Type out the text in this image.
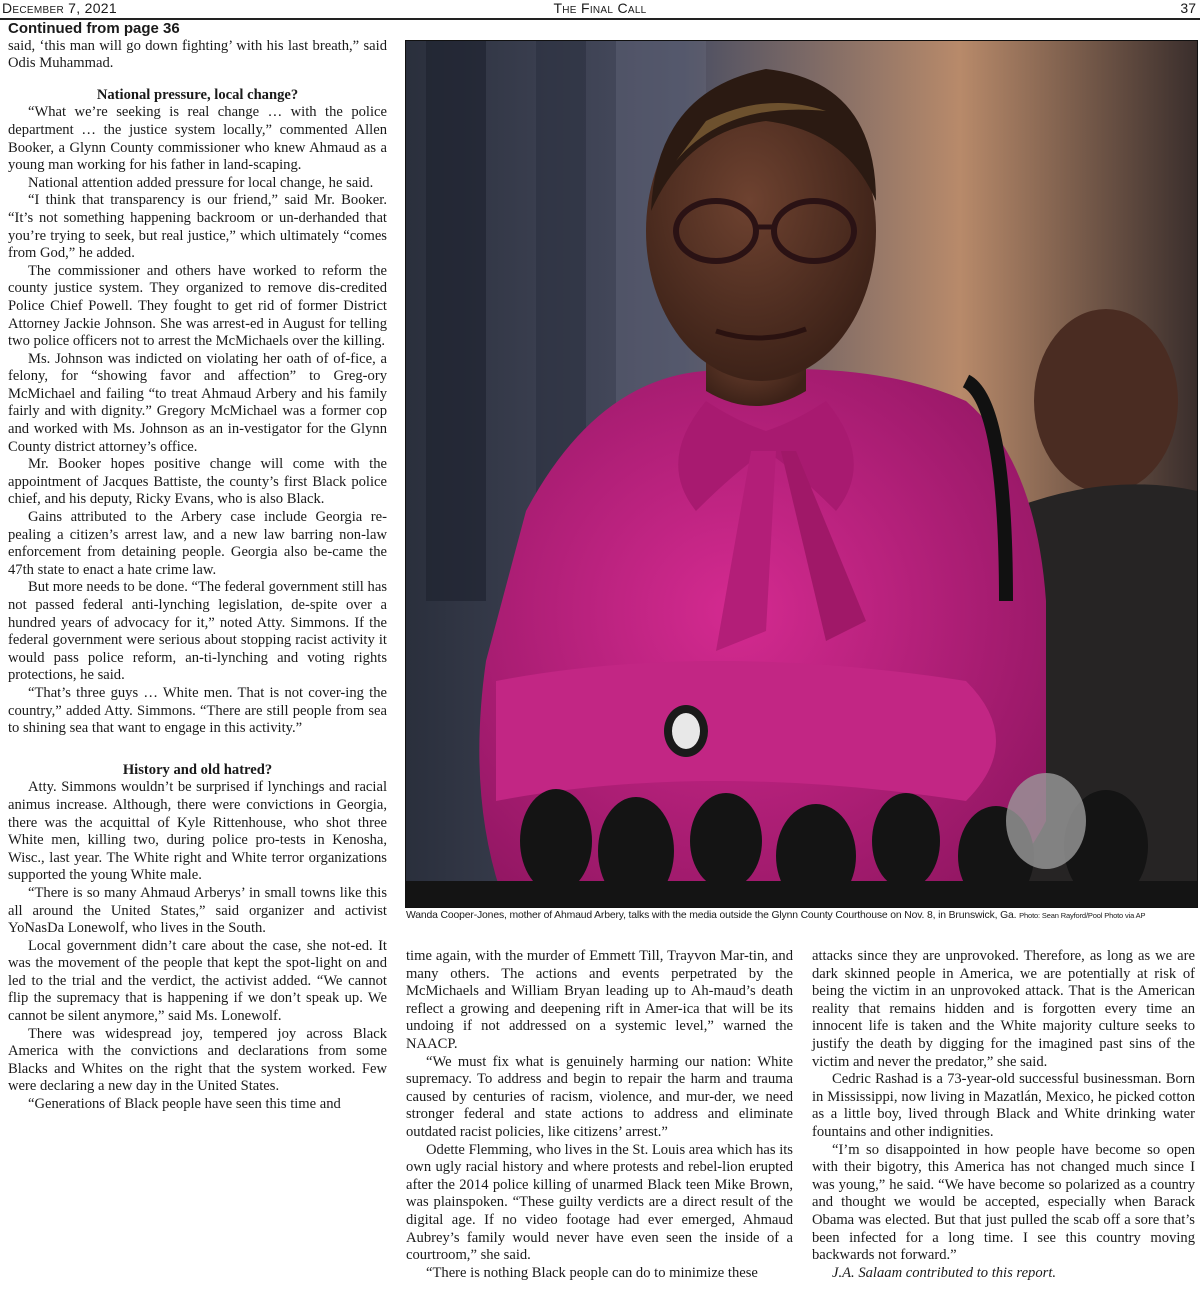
December 7, 2021	The Final Call	37

Continued from page 36

said, ‘this man will go down fighting’ with his last breath,” said Odis Muhammad.

National pressure, local change?

“What we’re seeking is real change … with the police department … the justice system locally,” commented Allen Booker, a Glynn County commissioner who knew Ahmaud as a young man working for his father in land-scaping.

National attention added pressure for local change, he said.

“I think that transparency is our friend,” said Mr. Booker. “It’s not something happening backroom or un-derhanded that you’re trying to seek, but real justice,” which ultimately “comes from God,” he added.

The commissioner and others have worked to reform the county justice system. They organized to remove dis-credited Police Chief Powell. They fought to get rid of former District Attorney Jackie Johnson. She was arrest-ed in August for telling two police officers not to arrest the McMichaels over the killing.

Ms. Johnson was indicted on violating her oath of of-fice, a felony, for “showing favor and affection” to Greg-ory McMichael and failing “to treat Ahmaud Arbery and his family fairly and with dignity.” Gregory McMichael was a former cop and worked with Ms. Johnson as an in-vestigator for the Glynn County district attorney’s office.

Mr. Booker hopes positive change will come with the appointment of Jacques Battiste, the county’s first Black police chief, and his deputy, Ricky Evans, who is also Black.

Gains attributed to the Arbery case include Georgia re-pealing a citizen’s arrest law, and a new law barring non-law enforcement from detaining people. Georgia also be-came the 47th state to enact a hate crime law.

But more needs to be done. “The federal government still has not passed federal anti-lynching legislation, de-spite over a hundred years of advocacy for it,” noted Atty. Simmons. If the federal government were serious about stopping racist activity it would pass police reform, an-ti-lynching and voting rights protections, he said.

“That’s three guys … White men. That is not cover-ing the country,” added Atty. Simmons. “There are still people from sea to shining sea that want to engage in this activity.”

History and old hatred?

Atty. Simmons wouldn’t be surprised if lynchings and racial animus increase. Although, there were convictions in Georgia, there was the acquittal of Kyle Rittenhouse, who shot three White men, killing two, during police pro-tests in Kenosha, Wisc., last year. The White right and White terror organizations supported the young White male.

“There is so many Ahmaud Arberys’ in small towns like this all around the United States,” said organizer and activist YoNasDa Lonewolf, who lives in the South.

Local government didn’t care about the case, she not-ed. It was the movement of the people that kept the spot-light on and led to the trial and the verdict, the activist added. “We cannot flip the supremacy that is happening if we don’t speak up. We cannot be silent anymore,” said Ms. Lonewolf.

There was widespread joy, tempered joy across Black America with the convictions and declarations from some Blacks and Whites on the right that the system worked. Few were declaring a new day in the United States.

“Generations of Black people have seen this time and

Wanda Cooper-Jones, mother of Ahmaud Arbery, talks with the media outside the Glynn County Courthouse on Nov. 8, in Brunswick, Ga. Photo: Sean Rayford/Pool Photo via AP

time again, with the murder of Emmett Till, Trayvon Mar-tin, and many others. The actions and events perpetrated by the McMichaels and William Bryan leading up to Ah-maud’s death reflect a growing and deepening rift in Amer-ica that will be its undoing if not addressed on a systemic level,” warned the NAACP.

“We must fix what is genuinely harming our nation: White supremacy. To address and begin to repair the harm and trauma caused by centuries of racism, violence, and mur-der, we need stronger federal and state actions to address and eliminate outdated racist policies, like citizens’ arrest.”

Odette Flemming, who lives in the St. Louis area which has its own ugly racial history and where protests and rebel-lion erupted after the 2014 police killing of unarmed Black teen Mike Brown, was plainspoken. “These guilty verdicts are a direct result of the digital age. If no video footage had ever emerged, Ahmaud Aubrey’s family would never have even seen the inside of a courtroom,” she said.

“There is nothing Black people can do to minimize these

attacks since they are unprovoked. Therefore, as long as we are dark skinned people in America, we are potentially at risk of being the victim in an unprovoked attack. That is the American reality that remains hidden and is forgotten every time an innocent life is taken and the White majority culture seeks to justify the death by digging for the imagined past sins of the victim and never the predator,” she said.

Cedric Rashad is a 73-year-old successful businessman. Born in Mississippi, now living in Mazatlán, Mexico, he picked cotton as a little boy, lived through Black and White drinking water fountains and other indignities.

“I’m so disappointed in how people have become so open with their bigotry, this America has not changed much since I was young,” he said. “We have become so polarized as a country and thought we would be accepted, especially when Barack Obama was elected. But that just pulled the scab off a sore that’s been infected for a long time. I see this country moving backwards not forward.”

J.A. Salaam contributed to this report.
